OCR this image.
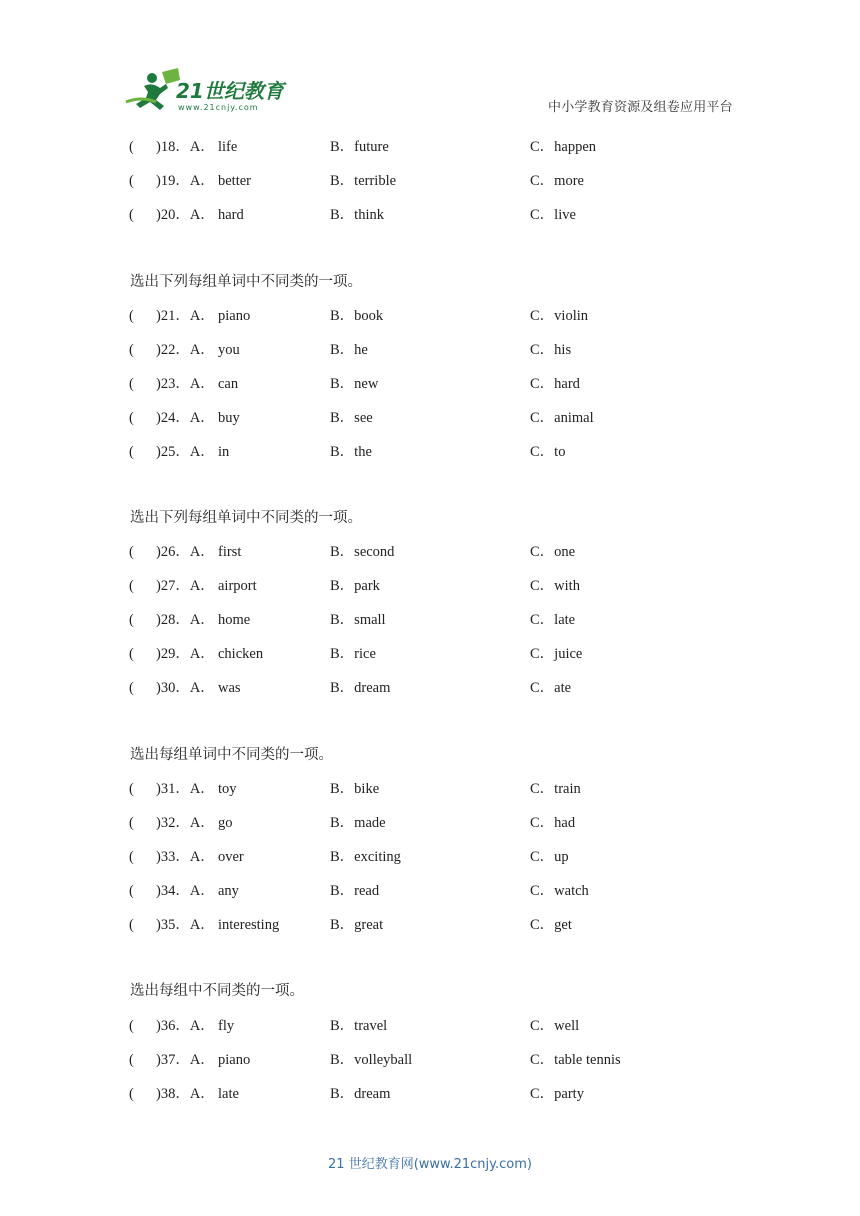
21世纪教育
www.21cnjy.com	中小学教育资源及组卷应用平台
( )18．A． life	B．future	C．happen
( )19．A． better	B．terrible	C．more
( )20．A． hard	B．think	C．live
选出下列每组单词中不同类的一项。
( )21．A． piano	B．book	C．violin
( )22．A． you	B．he	C．his
( )23．A． can	B．new	C．hard
( )24．A． buy	B．see	C．animal
( )25．A． in	B．the	C．to
选出下列每组单词中不同类的一项。
( )26．A． first	B．second	C．one
( )27．A． airport	B．park	C．with
( )28．A． home	B．small	C．late
( )29．A． chicken	B．rice	C．juice
( )30．A． was	B．dream	C．ate
选出每组单词中不同类的一项。
( )31．A． toy	B．bike	C．train
( )32．A． go	B．made	C．had
( )33．A． over	B．exciting	C．up
( )34．A． any	B．read	C．watch
( )35．A． interesting	B．great	C．get
选出每组中不同类的一项。
( )36．A． fly	B．travel	C．well
( )37．A． piano	B．volleyball	C．table tennis
( )38．A． late	B．dream	C．party
21 世纪教育网(www.21cnjy.com)
